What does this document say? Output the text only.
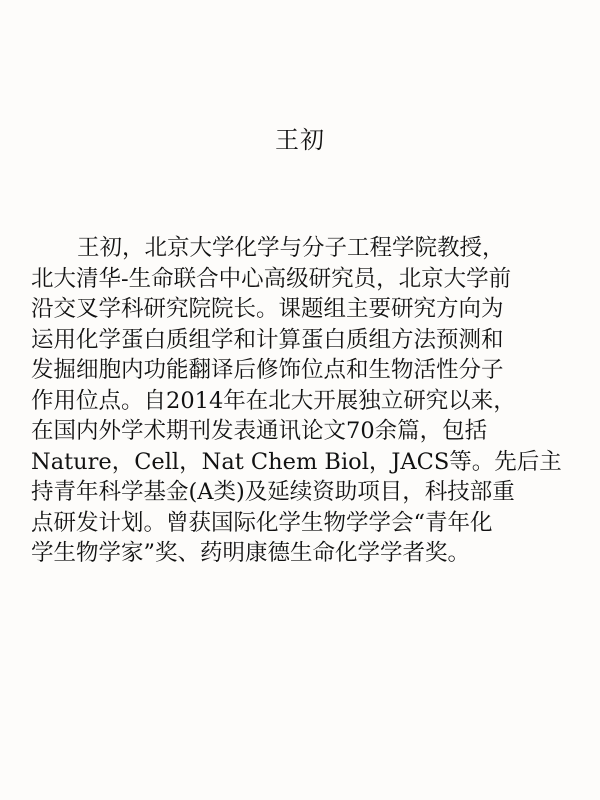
王初
王初，北京大学化学与分子工程学院教授，
北大清华-生命联合中心高级研究员，北京大学前
沿交叉学科研究院院长。课题组主要研究方向为
运用化学蛋白质组学和计算蛋白质组方法预测和
发掘细胞内功能翻译后修饰位点和生物活性分子
作用位点。自2014年在北大开展独立研究以来，
在国内外学术期刊发表通讯论文70余篇，包括
Nature，Cell，Nat Chem Biol，JACS等。先后主
持青年科学基金(A类)及延续资助项目，科技部重
点研发计划。曾获国际化学生物学学会“青年化
学生物学家”奖、药明康德生命化学学者奖。
